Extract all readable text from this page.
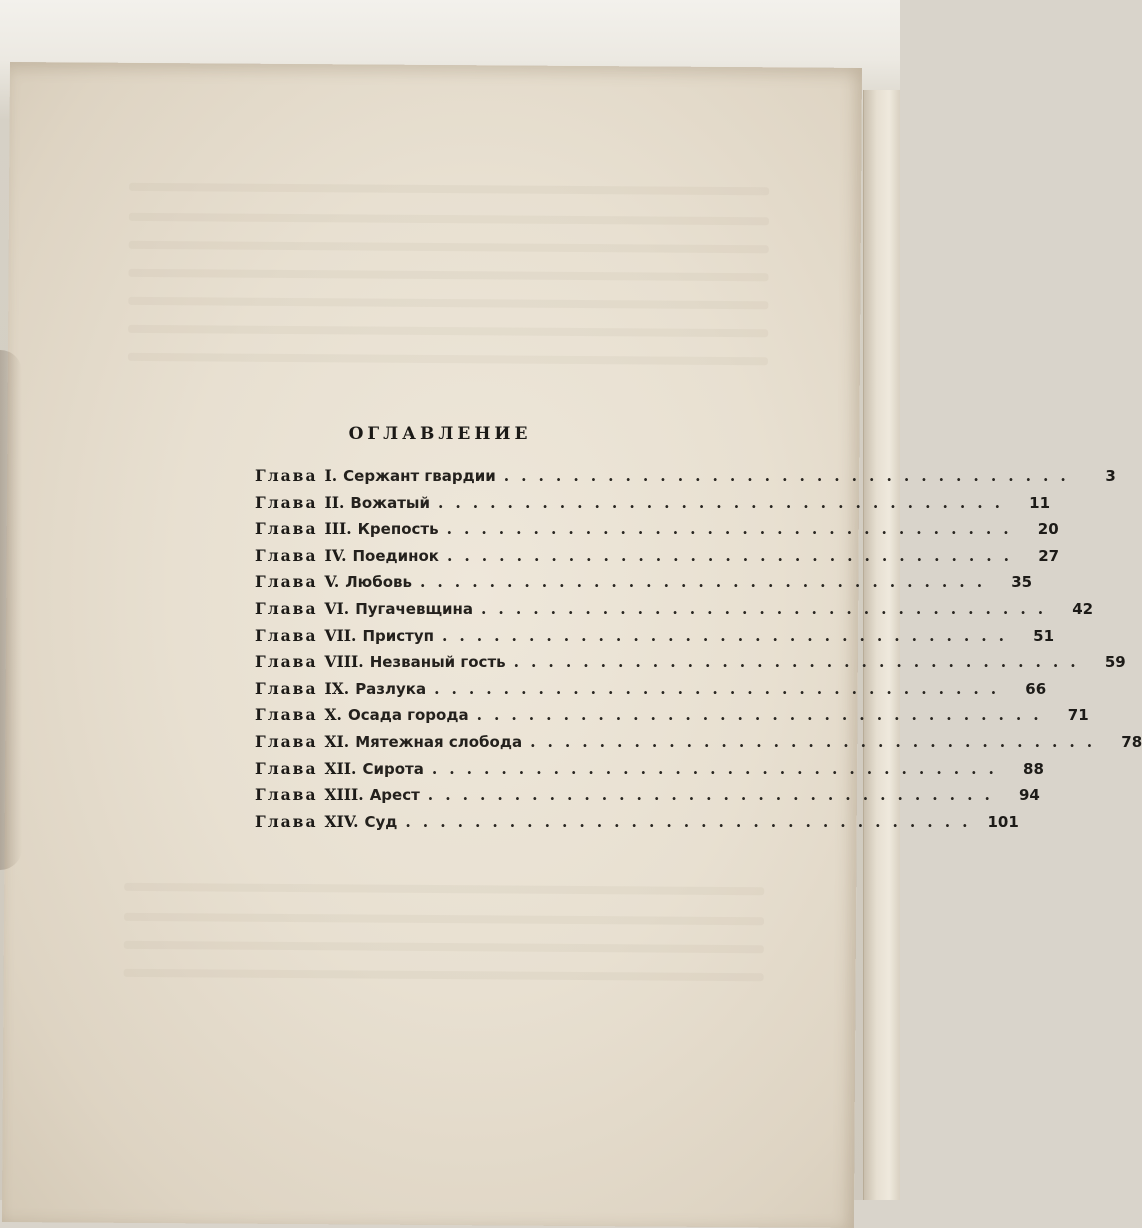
ОГЛАВЛЕНИЕ
Глава I. Сержант гвардии .................................	3
Глава II. Вожатый .................................	11
Глава III. Крепость .................................	20
Глава IV. Поединок .................................	27
Глава V. Любовь .................................	35
Глава VI. Пугачевщина .................................	42
Глава VII. Приступ .................................	51
Глава VIII. Незваный гость .................................	59
Глава IX. Разлука .................................	66
Глава X. Осада города .................................	71
Глава XI. Мятежная слобода .................................	78
Глава XII. Сирота .................................	88
Глава XIII. Арест .................................	94
Глава XIV. Суд ................................. 101
